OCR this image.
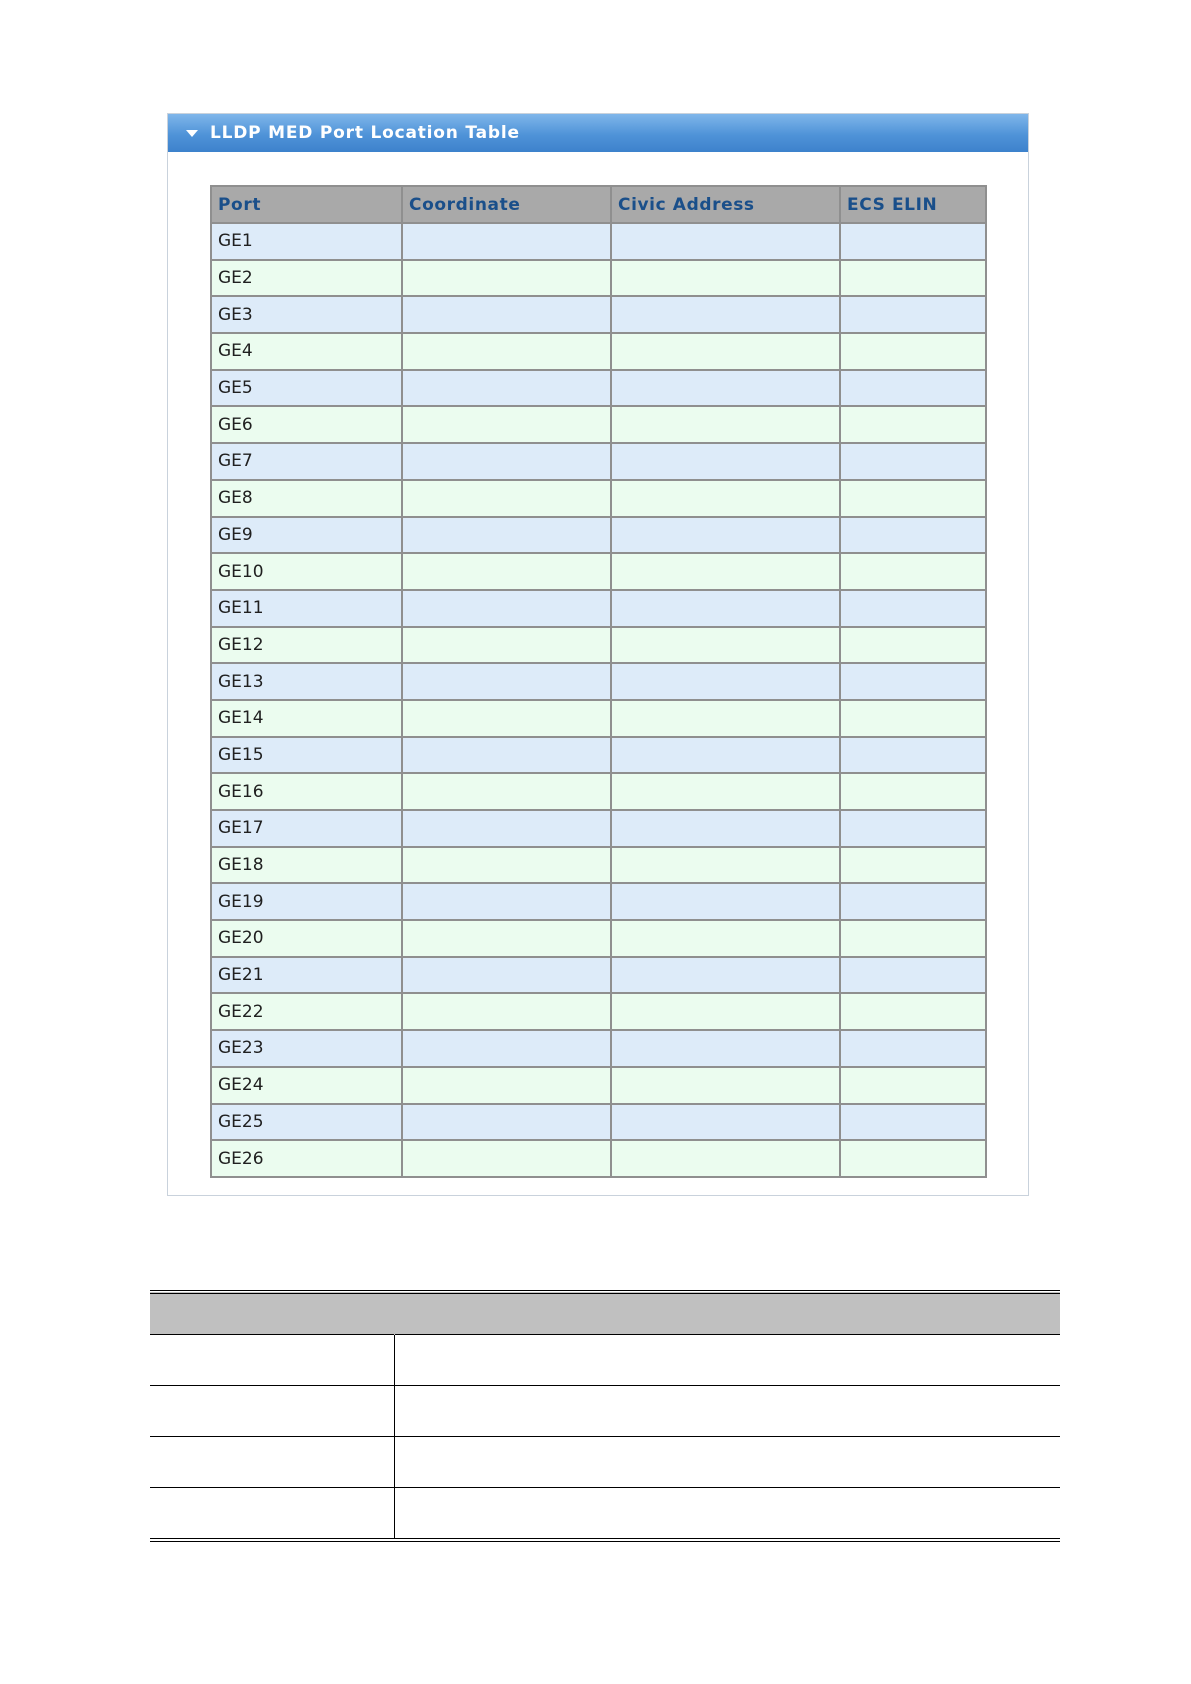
LLDP MED Port Location Table
Port	Coordinate	Civic Address	ECS ELIN
GE1			
GE2			
GE3			
GE4			
GE5			
GE6			
GE7			
GE8			
GE9			
GE10			
GE11			
GE12			
GE13			
GE14			
GE15			
GE16			
GE17			
GE18			
GE19			
GE20			
GE21			
GE22			
GE23			
GE24			
GE25			
GE26			
